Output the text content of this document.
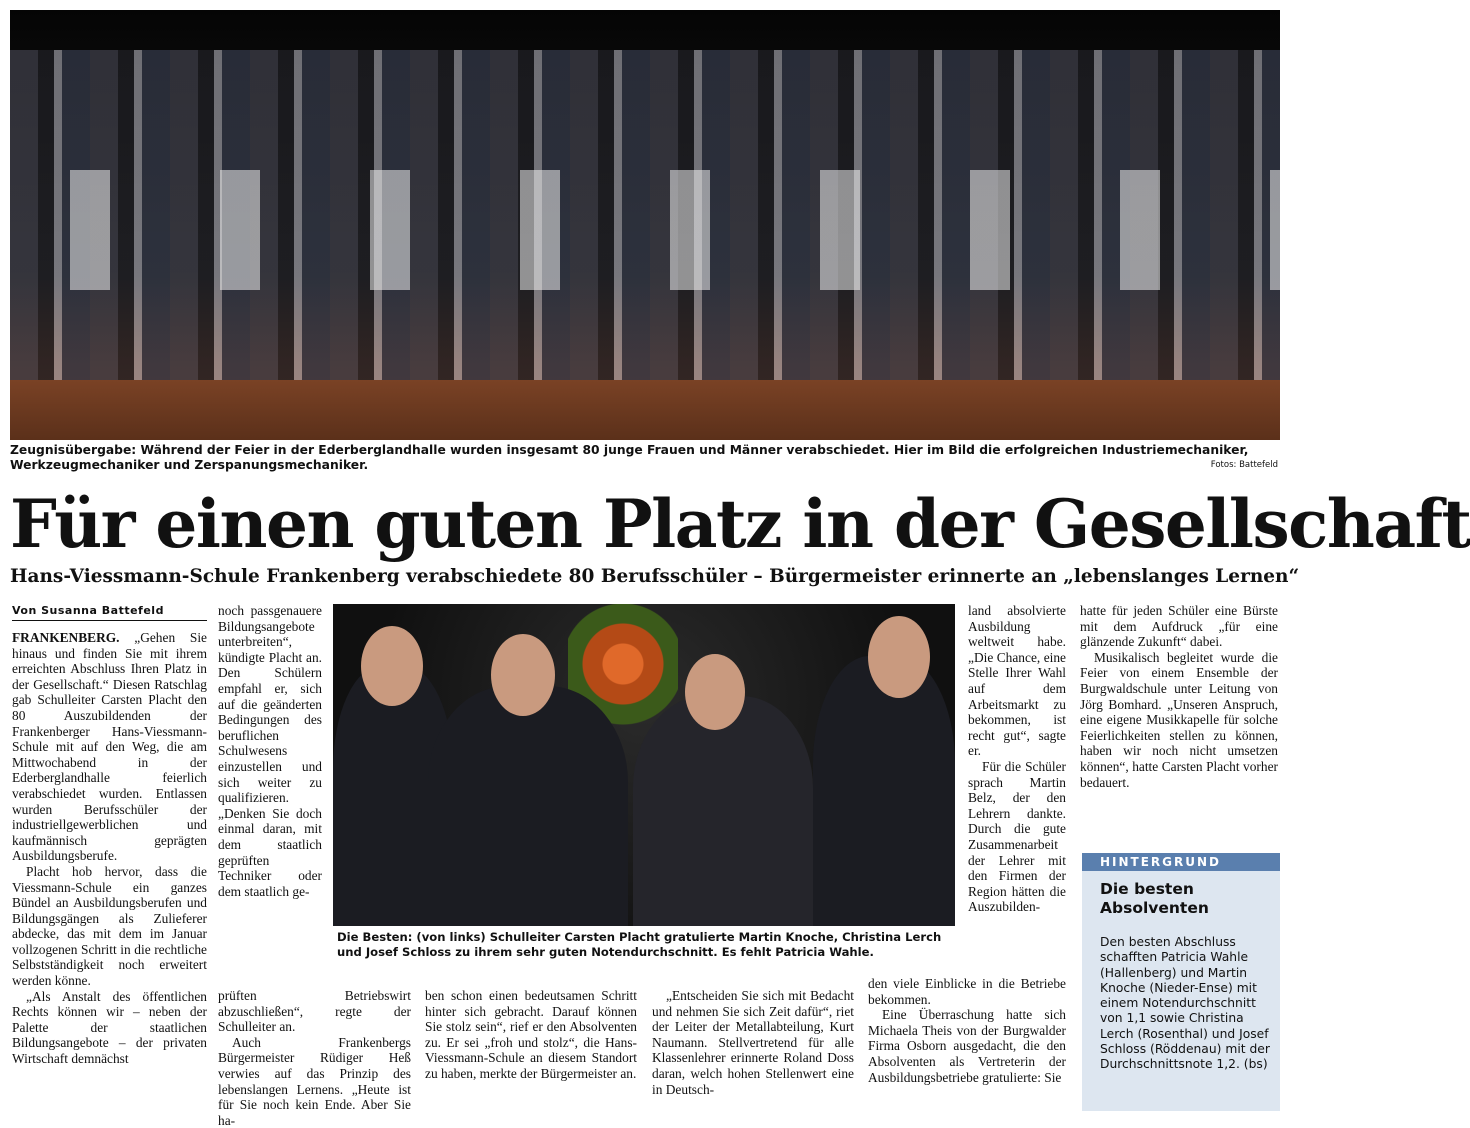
Zeugnisübergabe: Während der Feier in der Ederberglandhalle wurden insgesamt 80 junge Frauen und Männer verabschiedet. Hier im Bild die erfolgreichen Industriemechaniker, Werkzeugmechaniker und Zerspanungsmechaniker.	Fotos: Battefeld
Für einen guten Platz in der Gesellschaft
Hans-Viessmann-Schule Frankenberg verabschiedete 80 Berufsschüler – Bürgermeister erinnerte an „lebenslanges Lernen“
Von Susanna Battefeld

FRANKENBERG. „Gehen Sie hinaus und finden Sie mit ihrem erreichten Abschluss Ihren Platz in der Gesellschaft.“ Diesen Ratschlag gab Schulleiter Carsten Placht den 80 Auszubildenden der Frankenberger Hans-Viessmann-Schule mit auf den Weg, die am Mittwochabend in der Ederberglandhalle feierlich verabschiedet wurden. Entlassen wurden Berufsschüler der industriellgewerblichen und kaufmännisch geprägten Ausbildungsberufe.

Placht hob hervor, dass die Viessmann-Schule ein ganzes Bündel an Ausbildungsberufen und Bildungsgängen als Zulieferer abdecke, das mit dem im Januar vollzogenen Schritt in die rechtliche Selbstständigkeit noch erweitert werden könne.

„Als Anstalt des öffentlichen Rechts können wir – neben der Palette der staatlichen Bildungsangebote – der privaten Wirtschaft demnächst

noch passgenauere Bildungsangebote unterbreiten“, kündigte Placht an. Den Schülern empfahl er, sich auf die geänderten Bedingungen des beruflichen Schulwesens einzustellen und sich weiter zu qualifizieren. „Denken Sie doch einmal daran, mit dem staatlich geprüften Techniker oder dem staatlich ge-

Die Besten: (von links) Schulleiter Carsten Placht gratulierte Martin Knoche, Christina Lerch und Josef Schloss zu ihrem sehr guten Notendurchschnitt. Es fehlt Patricia Wahle.

prüften Betriebswirt abzuschließen“, regte der Schulleiter an.

Auch Frankenbergs Bürgermeister Rüdiger Heß verwies auf das Prinzip des lebenslangen Lernens. „Heute ist für Sie noch kein Ende. Aber Sie ha-

ben schon einen bedeutsamen Schritt hinter sich gebracht. Darauf können Sie stolz sein“, rief er den Absolventen zu. Er sei „froh und stolz“, die Hans-Viessmann-Schule an diesem Standort zu haben, merkte der Bürgermeister an.

„Entscheiden Sie sich mit Bedacht und nehmen Sie sich Zeit dafür“, riet der Leiter der Metallabteilung, Kurt Naumann. Stellvertretend für alle Klassenlehrer erinnerte Roland Doss daran, welch hohen Stellenwert eine in Deutsch-

land absolvierte Ausbildung weltweit habe. „Die Chance, eine Stelle Ihrer Wahl auf dem Arbeitsmarkt zu bekommen, ist recht gut“, sagte er.

Für die Schüler sprach Martin Belz, der den Lehrern dankte. Durch die gute Zusammenarbeit der Lehrer mit den Firmen der Region hätten die Auszubilden-

den viele Einblicke in die Betriebe bekommen.

Eine Überraschung hatte sich Michaela Theis von der Burgwalder Firma Osborn ausgedacht, die den Absolventen als Vertreterin der Ausbildungsbetriebe gratulierte: Sie

hatte für jeden Schüler eine Bürste mit dem Aufdruck „für eine glänzende Zukunft“ dabei.

Musikalisch begleitet wurde die Feier von einem Ensemble der Burgwaldschule unter Leitung von Jörg Bomhard. „Unseren Anspruch, eine eigene Musikkapelle für solche Feierlichkeiten stellen zu können, haben wir noch nicht umsetzen können“, hatte Carsten Placht vorher bedauert.

HINTERGRUND
Die besten Absolventen
Den besten Abschluss schafften Patricia Wahle (Hallenberg) und Martin Knoche (Nieder-Ense) mit einem Notendurchschnitt von 1,1 sowie Christina Lerch (Rosenthal) und Josef Schloss (Röddenau) mit der Durchschnittsnote 1,2. (bs)
